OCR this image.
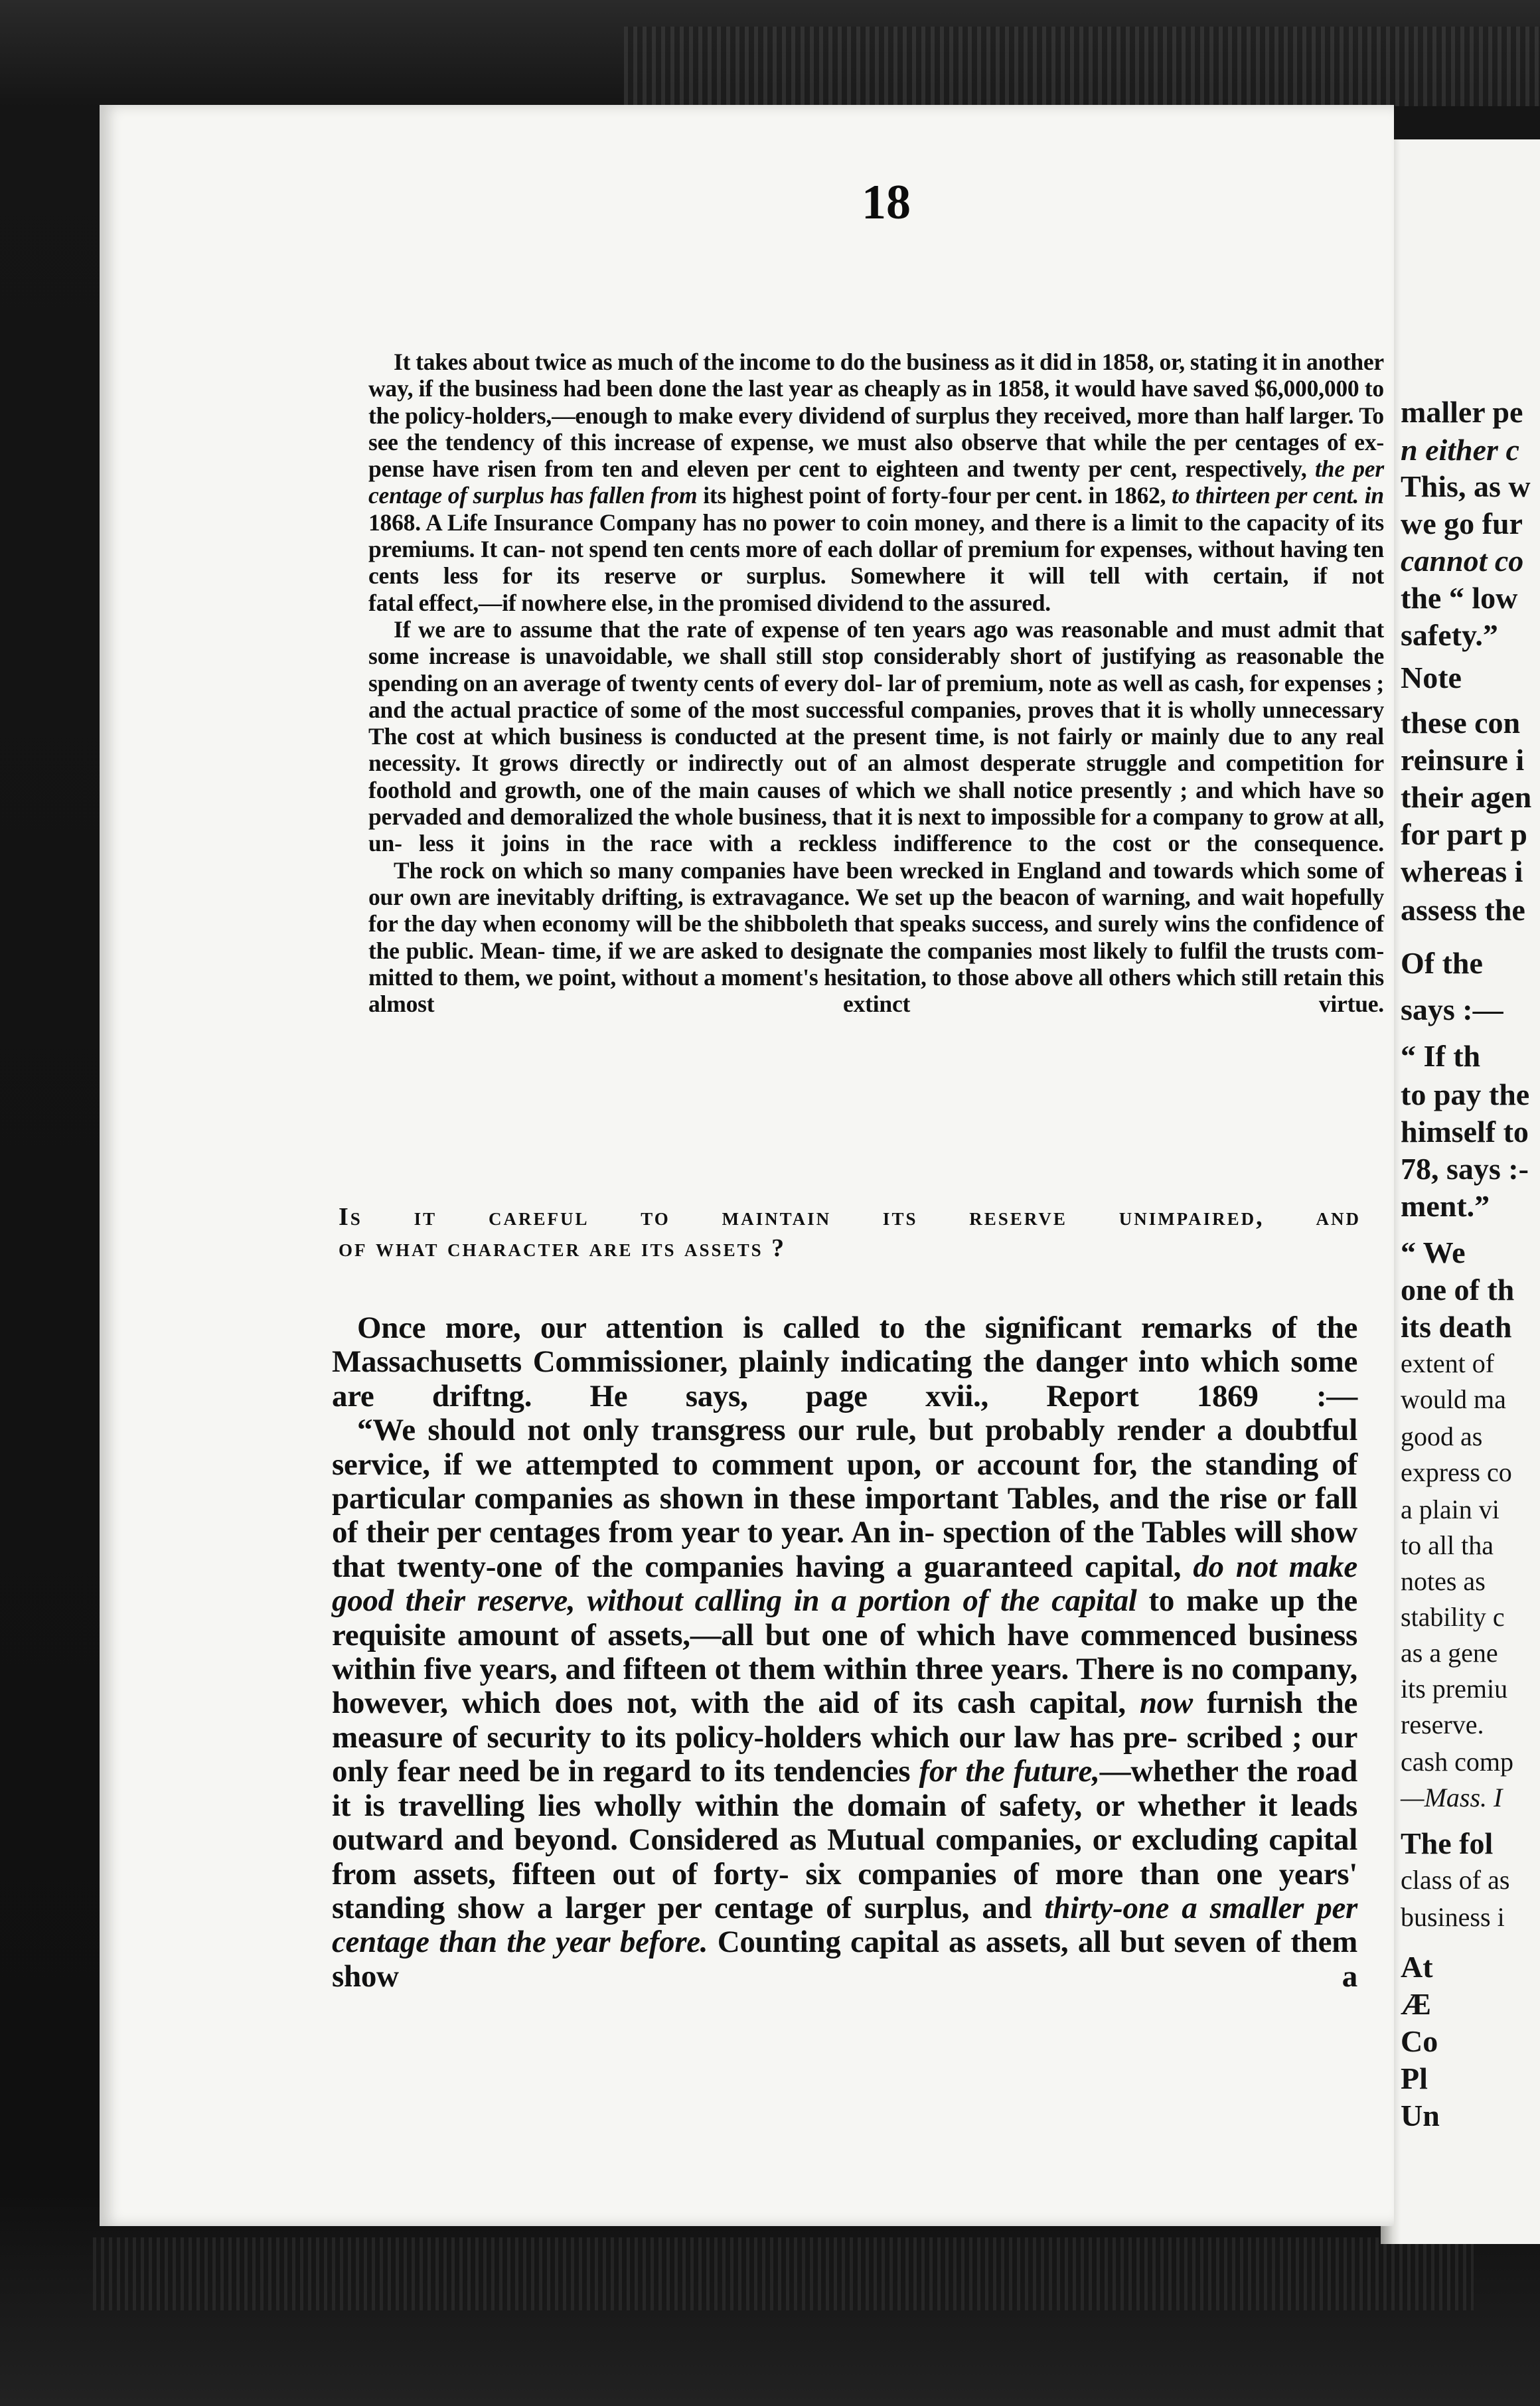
maller pe
n either c
This, as w
we go fur
cannot co
the “ low
safety.”
Note
these con
reinsure i
their agen
for part p
whereas i
assess the
Of the
says :—
“ If th
to pay the
himself to
78, says :-
ment.”
“ We
one of th
its death
extent of
would ma
good as
express co
a plain vi
to all tha
notes as
stability c
as a gene
its premiu
reserve.
cash comp
—Mass. I
The fol
class of as
business i
At
Æ
Co
Pl
Un
18

It takes about twice as much of the income to do the business as it did in 1858, or, stating it in another way, if the business had been done the last year as cheaply as in 1858, it would have saved $6,000,000 to the policy-holders,—enough to make every dividend of surplus they received, more than half larger. To see the tendency of this increase of expense, we must also observe that while the per centages of ex- pense have risen from ten and eleven per cent to eighteen and twenty per cent, respectively, the per centage of surplus has fallen from its highest point of forty-four per cent. in 1862, to thirteen per cent. in 1868. A Life Insurance Company has no power to coin money, and there is a limit to the capacity of its premiums. It can- not spend ten cents more of each dollar of premium for expenses, without having ten cents less for its reserve or surplus. Somewhere it will tell with certain, if not

fatal effect,—if nowhere else, in the promised dividend to the assured.

If we are to assume that the rate of expense of ten years ago was reasonable and must admit that some increase is unavoidable, we shall still stop considerably short of justifying as reasonable the spending on an average of twenty cents of every dol- lar of premium, note as well as cash, for expenses ; and the actual practice of some of the most successful companies, proves that it is wholly unnecessary The cost at which business is conducted at the present time, is not fairly or mainly due to any real necessity. It grows directly or indirectly out of an almost desperate struggle and competition for foothold and growth, one of the main causes of which we shall notice presently ; and which have so pervaded and demoralized the whole business, that it is next to impossible for a company to grow at all, un- less it joins in the race with a reckless indifference to the cost or the consequence.

The rock on which so many companies have been wrecked in England and towards which some of our own are inevitably drifting, is extravagance. We set up the beacon of warning, and wait hopefully for the day when economy will be the shibboleth that speaks success, and surely wins the confidence of the public. Mean- time, if we are asked to designate the companies most likely to fulfil the trusts com- mitted to them, we point, without a moment's hesitation, to those above all others which still retain this almost extinct virtue.

Is it careful to maintain its reserve unimpaired, and
of what character are its assets ?

Once more, our attention is called to the significant remarks of the Massachusetts Commissioner, plainly indicating the danger into which some are driftng. He says, page xvii., Report 1869 :—

“We should not only transgress our rule, but probably render a doubtful service, if we attempted to comment upon, or account for, the standing of particular companies as shown in these important Tables, and the rise or fall of their per centages from year to year. An in- spection of the Tables will show that twenty-one of the companies having a guaranteed capital, do not make good their reserve, without calling in a portion of the capital to make up the requisite amount of assets,—all but one of which have commenced business within five years, and fifteen ot them within three years. There is no company, however, which does not, with the aid of its cash capital, now furnish the measure of security to its policy-holders which our law has pre- scribed ; our only fear need be in regard to its tendencies for the future,—whether the road it is travelling lies wholly within the domain of safety, or whether it leads outward and beyond. Considered as Mutual companies, or excluding capital from assets, fifteen out of forty- six companies of more than one years' standing show a larger per centage of surplus, and thirty-one a smaller per centage than the year before. Counting capital as assets, all but seven of them show a
